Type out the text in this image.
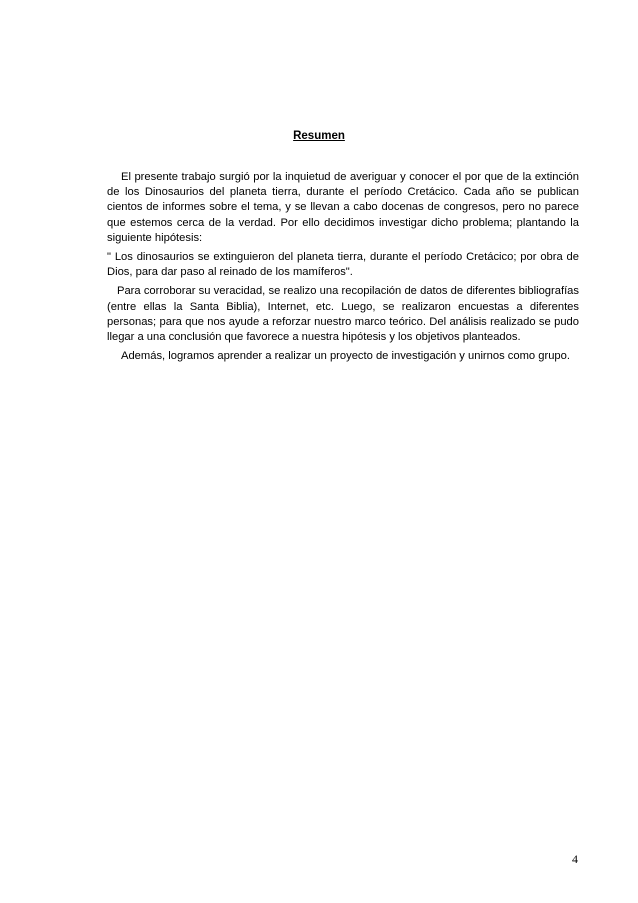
Resumen

El presente trabajo surgió por la inquietud de averiguar y conocer el por que de la extinción de los Dinosaurios del planeta tierra, durante el período Cretácico. Cada año se publican cientos de informes sobre el tema, y se llevan a cabo docenas de congresos, pero no parece que estemos cerca de la verdad. Por ello decidimos investigar dicho problema; plantando la siguiente hipótesis:

" Los dinosaurios se extinguieron del planeta tierra, durante el período Cretácico; por obra de Dios, para dar paso al reinado de los mamíferos".

Para corroborar su veracidad, se realizo una recopilación de datos de diferentes bibliografías (entre ellas la Santa Biblia), Internet, etc. Luego, se realizaron encuestas a diferentes personas; para que nos ayude a reforzar nuestro marco teórico. Del análisis realizado se pudo llegar a una conclusión que favorece a nuestra hipótesis y los objetivos planteados.

Además, logramos aprender a realizar un proyecto de investigación y unirnos como grupo.

4
